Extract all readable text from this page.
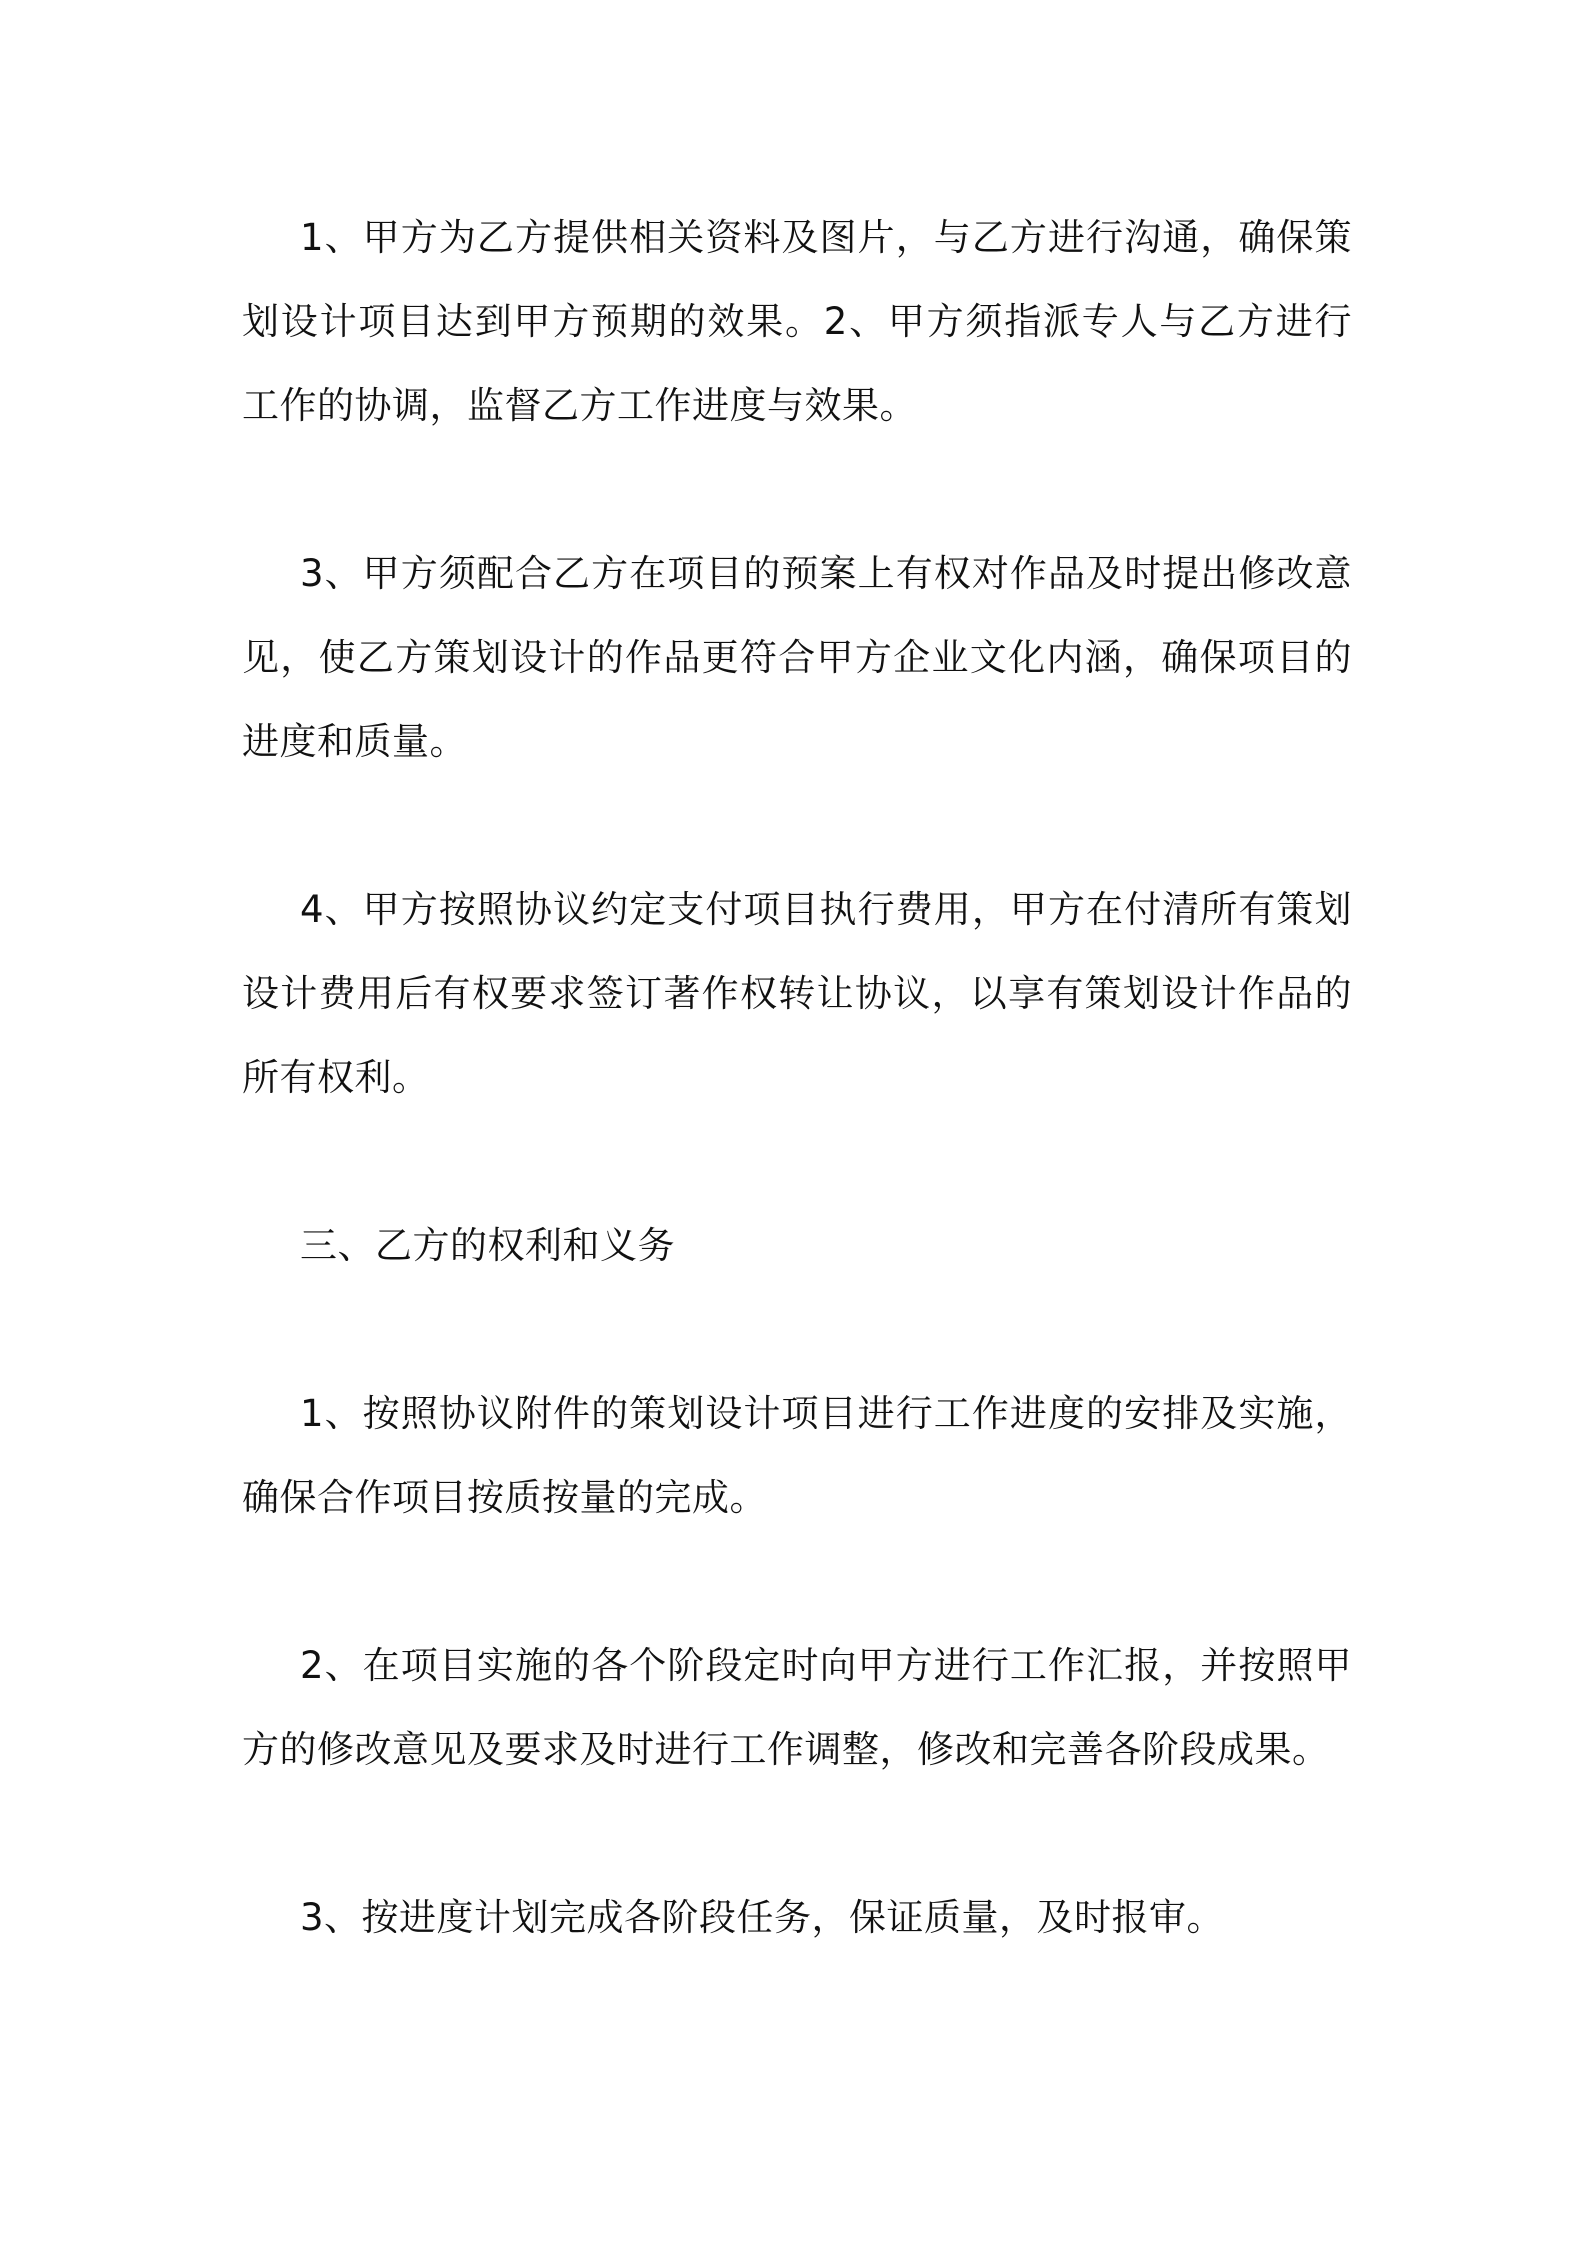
1、甲方为乙方提供相关资料及图片，与乙方进行沟通，确保策划设计项目达到甲方预期的效果。2、甲方须指派专人与乙方进行工作的协调，监督乙方工作进度与效果。

3、甲方须配合乙方在项目的预案上有权对作品及时提出修改意见，使乙方策划设计的作品更符合甲方企业文化内涵，确保项目的进度和质量。

4、甲方按照协议约定支付项目执行费用，甲方在付清所有策划设计费用后有权要求签订著作权转让协议，以享有策划设计作品的所有权利。

三、乙方的权利和义务

1、按照协议附件的策划设计项目进行工作进度的安排及实施，确保合作项目按质按量的完成。

2、在项目实施的各个阶段定时向甲方进行工作汇报，并按照甲方的修改意见及要求及时进行工作调整，修改和完善各阶段成果。

3、按进度计划完成各阶段任务，保证质量，及时报审。
